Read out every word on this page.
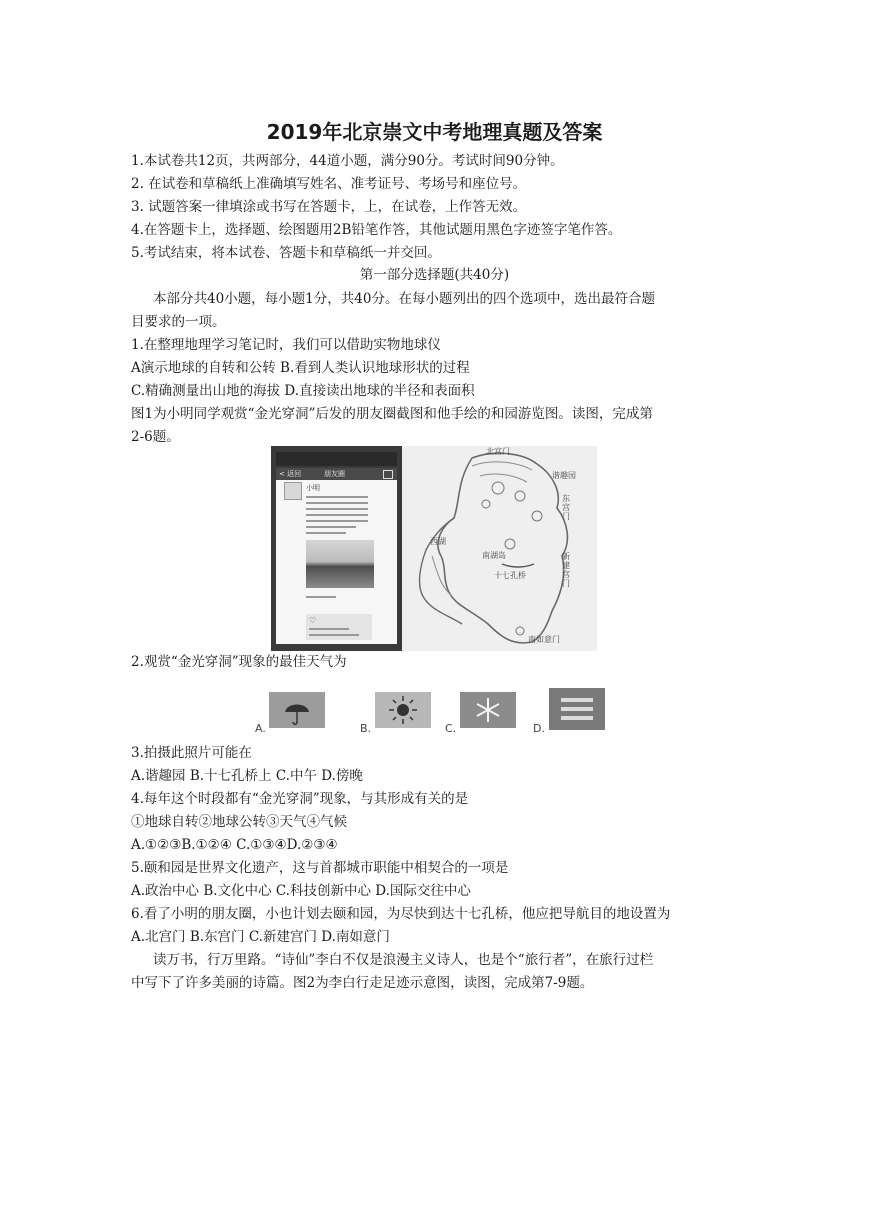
2019年北京崇文中考地理真题及答案
1.本试卷共12页，共两部分，44道小题，满分90分。考试时间90分钟。
2. 在试卷和草稿纸上准确填写姓名、准考证号、考场号和座位号。
3. 试题答案一律填涂或书写在答题卡，上，在试卷，上作答无效。
4.在答题卡上，选择题、绘图题用2B铅笔作答，其他试题用黑色字迹签字笔作答。
5.考试结束，将本试卷、答题卡和草稿纸一并交回。
第一部分选择题(共40分)
本部分共40小题，每小题1分，共40分。在每小题列出的四个选项中，选出最符合题
目要求的一项。
1.在整理地理学习笔记时，我们可以借助实物地球仪
A演示地球的自转和公转 B.看到人类认识地球形状的过程
C.精确测量出山地的海拔 D.直接读出地球的半径和表面积
图1为小明同学观赏“金光穿洞”后发的朋友圈截图和他手绘的和园游览图。读图，完成第
2-6题。
< 返回	朋友圈
小明
♡
北宫门
东宫门
西湖
南湖岛
十七孔桥
新建宫门
南如意门
谐趣园
2.观赏“金光穿洞”现象的最佳天气为
A.	B.	C.	D.
3.拍摄此照片可能在
A.谐趣园 B.十七孔桥上 C.中午 D.傍晚
4.每年这个时段都有“金光穿洞”现象，与其形成有关的是
①地球自转②地球公转③天气④气候
A.①②③B.①②④ C.①③④D.②③④
5.颐和园是世界文化遗产，这与首都城市职能中相契合的一项是
A.政治中心 B.文化中心 C.科技创新中心 D.国际交往中心
6.看了小明的朋友圈，小也计划去颐和园，为尽快到达十七孔桥，他应把导航目的地设置为
A.北宫门 B.东宫门 C.新建宫门 D.南如意门
读万书，行万里路。“诗仙”李白不仅是浪漫主义诗人，也是个“旅行者”，在旅行过栏
中写下了许多美丽的诗篇。图2为李白行走足迹示意图，读图，完成第7-9题。
